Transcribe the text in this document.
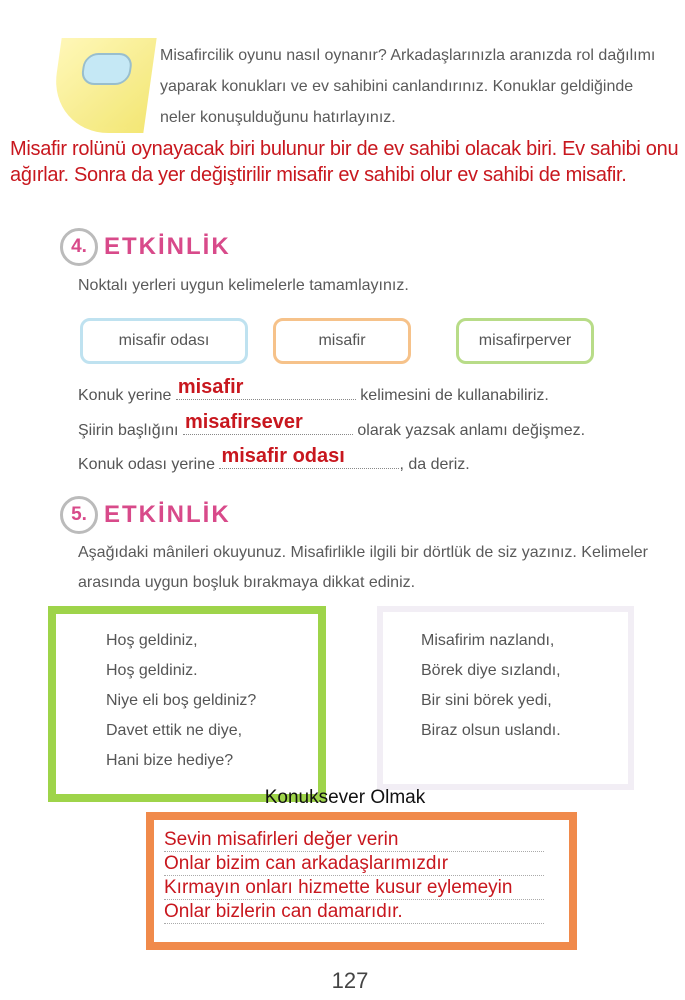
Misafircilik oyunu nasıl oynanır? Arkadaşlarınızla aranızda rol dağılımı yaparak konukları ve ev sahibini canlandırınız. Konuklar geldiğinde neler konuşulduğunu hatırlayınız.
Misafir rolünü oynayacak biri bulunur bir de ev sahibi olacak biri. Ev sahibi onu ağırlar. Sonra da yer değiştirilir misafir ev sahibi olur ev sahibi de misafir.
4. ETKİNLİK
Noktalı yerleri uygun kelimelerle tamamlayınız.
misafir odası	misafir	misafirperver
Konuk yerine misafir	kelimesini de kullanabiliriz.
Şiirin başlığını misafirsever	olarak yazsak anlamı değişmez.
Konuk odası yerine misafir odası	, da deriz.
5. ETKİNLİK
Aşağıdaki mânileri okuyunuz. Misafirlikle ilgili bir dörtlük de siz yazınız. Kelimeler arasında uygun boşluk bırakmaya dikkat ediniz.
Hoş geldiniz,
Hoş geldiniz.
Niye eli boş geldiniz?
Davet ettik ne diye,
Hani bize hediye?
Misafirim nazlandı,
Börek diye sızlandı,
Bir sini börek yedi,
Biraz olsun uslandı.
Konuksever Olmak
Sevin misafirleri değer verin
Onlar bizim can arkadaşlarımızdır
Kırmayın onları hizmette kusur eylemeyin
Onlar bizlerin can damarıdır.
127
